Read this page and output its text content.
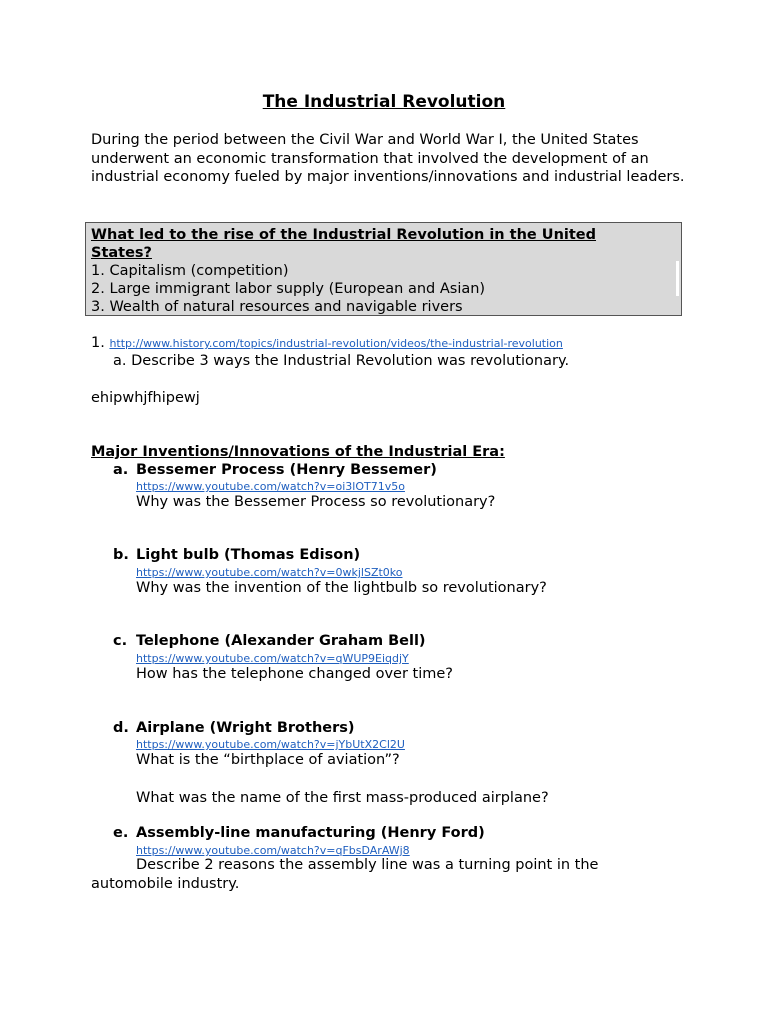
The Industrial Revolution
During the period between the Civil War and World War I, the United States underwent an economic transformation that involved the development of an industrial economy fueled by major inventions/innovations and industrial leaders.
What led to the rise of the Industrial Revolution in the United
States?
1. Capitalism (competition)
2. Large immigrant labor supply (European and Asian)
3. Wealth of natural resources and navigable rivers
1. http://www.history.com/topics/industrial-revolution/videos/the-industrial-revolution
a. Describe 3 ways the Industrial Revolution was revolutionary.
ehipwhjfhipewj
Major Inventions/Innovations of the Industrial Era:
a. Bessemer Process (Henry Bessemer)
https://www.youtube.com/watch?v=oi3lOT71v5o
Why was the Bessemer Process so revolutionary?
b. Light bulb (Thomas Edison)
https://www.youtube.com/watch?v=0wkjlSZt0ko
Why was the invention of the lightbulb so revolutionary?
c. Telephone (Alexander Graham Bell)
https://www.youtube.com/watch?v=qWUP9EiqdjY
How has the telephone changed over time?
d. Airplane (Wright Brothers)
https://www.youtube.com/watch?v=jYbUtX2Cl2U
What is the “birthplace of aviation”?
What was the name of the first mass-produced airplane?
e. Assembly-line manufacturing (Henry Ford)
https://www.youtube.com/watch?v=qFbsDArAWj8
Describe 2 reasons the assembly line was a turning point in the
automobile industry.
